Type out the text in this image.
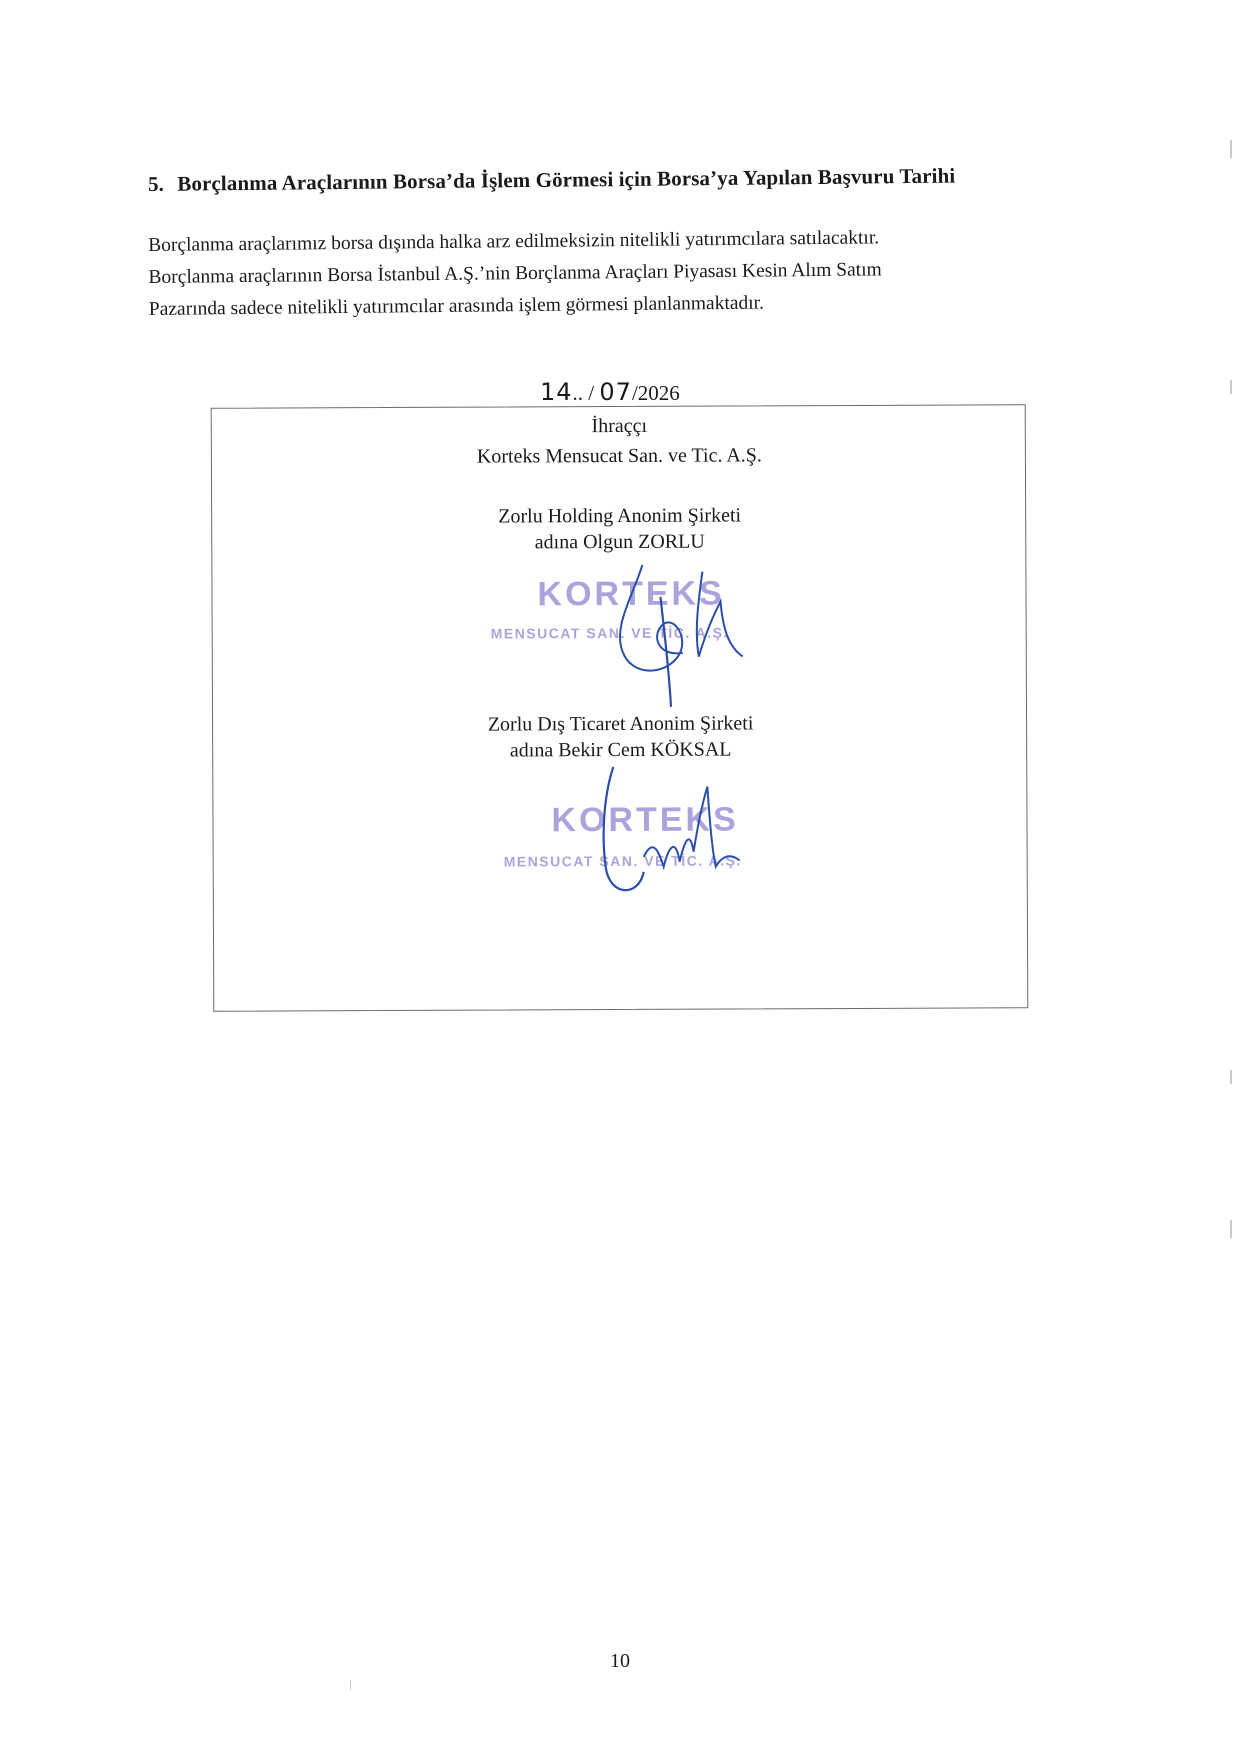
5. Borçlanma Araçlarının Borsa’da İşlem Görmesi için Borsa’ya Yapılan Başvuru Tarihi

Borçlanma araçlarımız borsa dışında halka arz edilmeksizin nitelikli yatırımcılara satılacaktır.

Borçlanma araçlarının Borsa İstanbul A.Ş.’nin Borçlanma Araçları Piyasası Kesin Alım Satım

Pazarında sadece nitelikli yatırımcılar arasında işlem görmesi planlanmaktadır.

14.. / 07/2026
İhraççı
Korteks Mensucat San. ve Tic. A.Ş.
Zorlu Holding Anonim Şirketi
adına Olgun ZORLU
KORTEKS
MENSUCAT SAN. VE TİC. A.Ş.
Zorlu Dış Ticaret Anonim Şirketi
adına Bekir Cem KÖKSAL
KORTEKS
MENSUCAT SAN. VE TİC. A.Ş.
10
